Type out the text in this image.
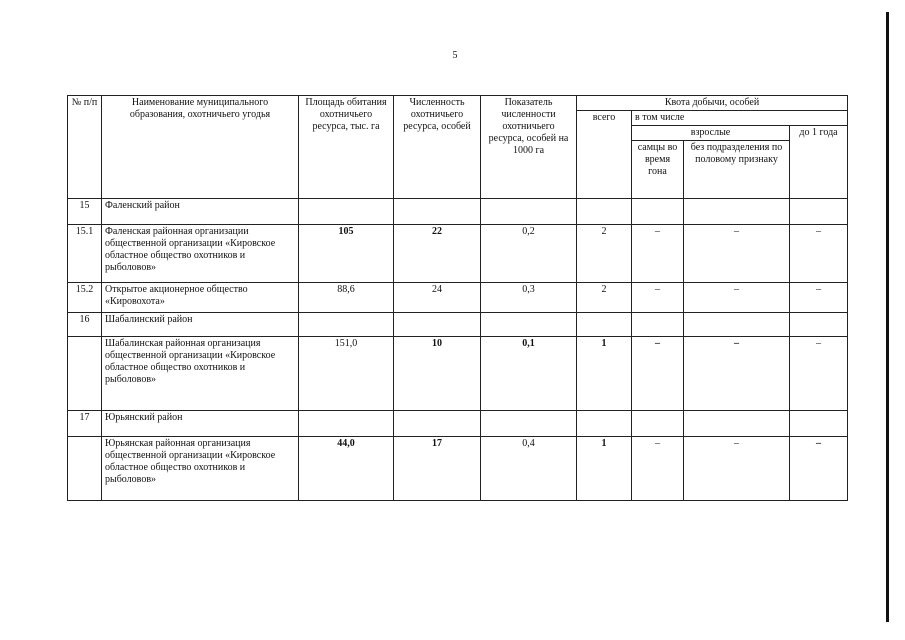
5
№ п/п	Наименование муниципального образования, охотничьего угодья	Площадь обитания охотничьего ресурса, тыс. га	Численность охотничьего ресурса, особей	Показатель численности охотничьего ресурса, особей на 1000 га	Квота добычи, особей			
					всего	в том числе		
						взрослые		до 1 года
						самцы во время гона	без подразделения по половому признаку	
15	Фаленский район							
15.1	Фаленская районная организации общественной организации «Кировское областное общество охотников и рыболовов»	105	22	0,2	2	–	–	–
15.2	Открытое акционерное общество «Кировохота»	88,6	24	0,3	2	–	–	–
16	Шабалинский район							
	Шабалинская районная организация общественной организации «Кировское областное общество охотников и рыболовов»	151,0	10	0,1	1	–	–	–
17	Юрьянский район							
	Юрьянская районная организация общественной организации «Кировское областное общество охотников и рыболовов»	44,0	17	0,4	1	–	–	–
